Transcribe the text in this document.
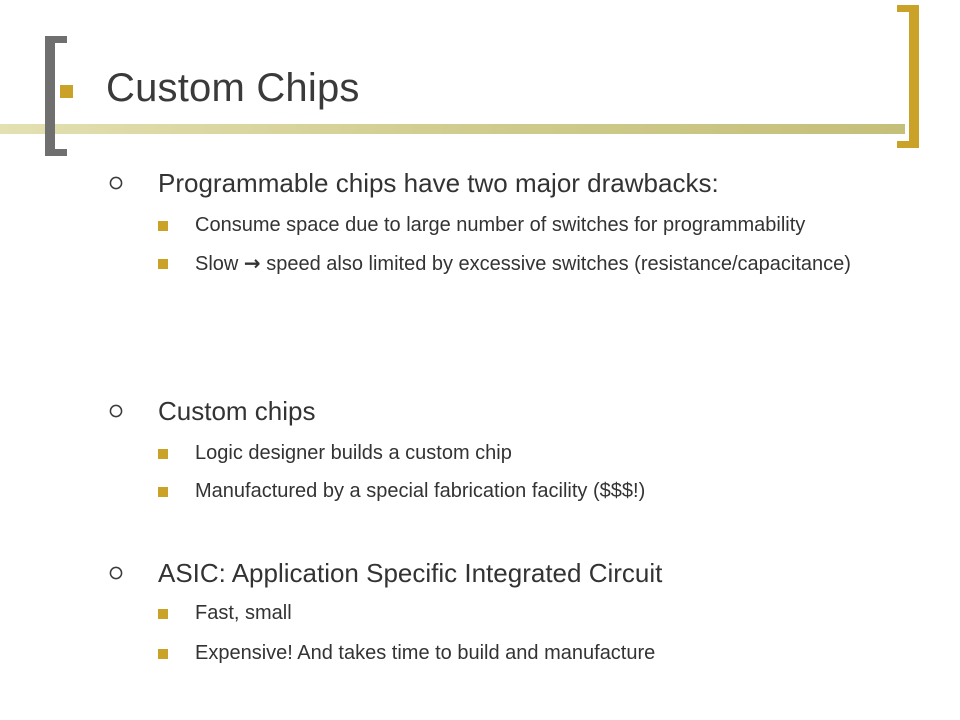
Custom Chips
Programmable chips have two major drawbacks:
Consume space due to large number of switches for programmability
Slow → speed also limited by excessive switches (resistance/capacitance)
Custom chips
Logic designer builds a custom chip
Manufactured by a special fabrication facility ($$$!)
ASIC: Application Specific Integrated Circuit
Fast, small
Expensive! And takes time to build and manufacture
